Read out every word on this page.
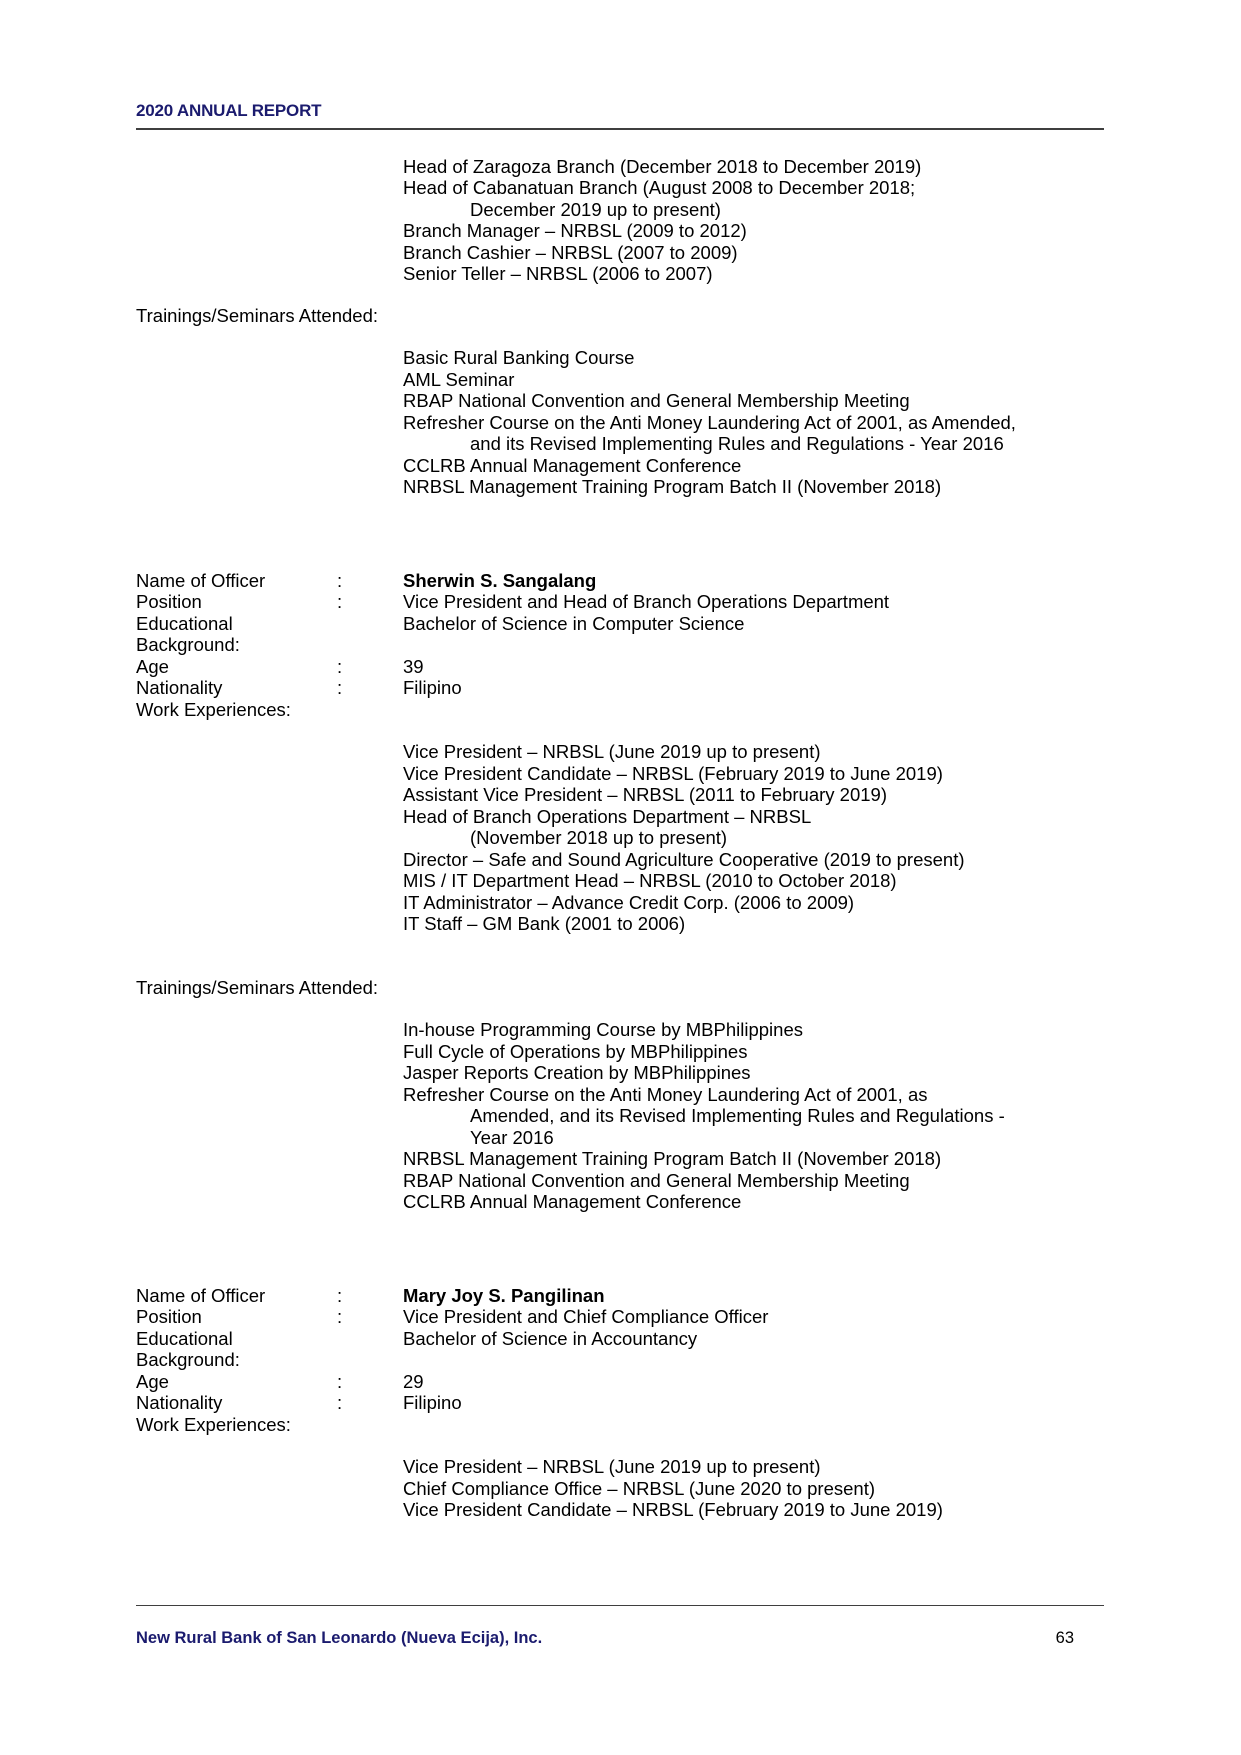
2020 ANNUAL REPORT
Head of Zaragoza Branch (December 2018 to December 2019)
Head of Cabanatuan Branch (August 2008 to December 2018;
December 2019 up to present)
Branch Manager – NRBSL (2009 to 2012)
Branch Cashier – NRBSL (2007 to 2009)
Senior Teller – NRBSL (2006 to 2007)
Trainings/Seminars Attended:
Basic Rural Banking Course
AML Seminar
RBAP National Convention and General Membership Meeting
Refresher Course on the Anti Money Laundering Act of 2001, as Amended,
and its Revised Implementing Rules and Regulations - Year 2016
CCLRB Annual Management Conference
NRBSL Management Training Program Batch II (November 2018)
Name of Officer	:	Sherwin S. Sangalang
Position	:	Vice President and Head of Branch Operations Department
Educational Background:
Bachelor of Science in Computer Science
Age	:	39
Nationality	:	Filipino
Work Experiences:
Vice President – NRBSL (June 2019 up to present)
Vice President Candidate – NRBSL (February 2019 to June 2019)
Assistant Vice President – NRBSL (2011 to February 2019)
Head of Branch Operations Department – NRBSL
(November 2018 up to present)
Director – Safe and Sound Agriculture Cooperative (2019 to present)
MIS / IT Department Head – NRBSL (2010 to October 2018)
IT Administrator – Advance Credit Corp. (2006 to 2009)
IT Staff – GM Bank (2001 to 2006)
Trainings/Seminars Attended:
In-house Programming Course by MBPhilippines
Full Cycle of Operations by MBPhilippines
Jasper Reports Creation by MBPhilippines
Refresher Course on the Anti Money Laundering Act of 2001, as
Amended, and its Revised Implementing Rules and Regulations -
Year 2016
NRBSL Management Training Program Batch II (November 2018)
RBAP National Convention and General Membership Meeting
CCLRB Annual Management Conference
Name of Officer	:	Mary Joy S. Pangilinan
Position	:	Vice President and Chief Compliance Officer
Educational Background:
Bachelor of Science in Accountancy
Age	:	29
Nationality	:	Filipino
Work Experiences:
Vice President – NRBSL (June 2019 up to present)
Chief Compliance Office – NRBSL (June 2020 to present)
Vice President Candidate – NRBSL (February 2019 to June 2019)
New Rural Bank of San Leonardo (Nueva Ecija), Inc.	63
